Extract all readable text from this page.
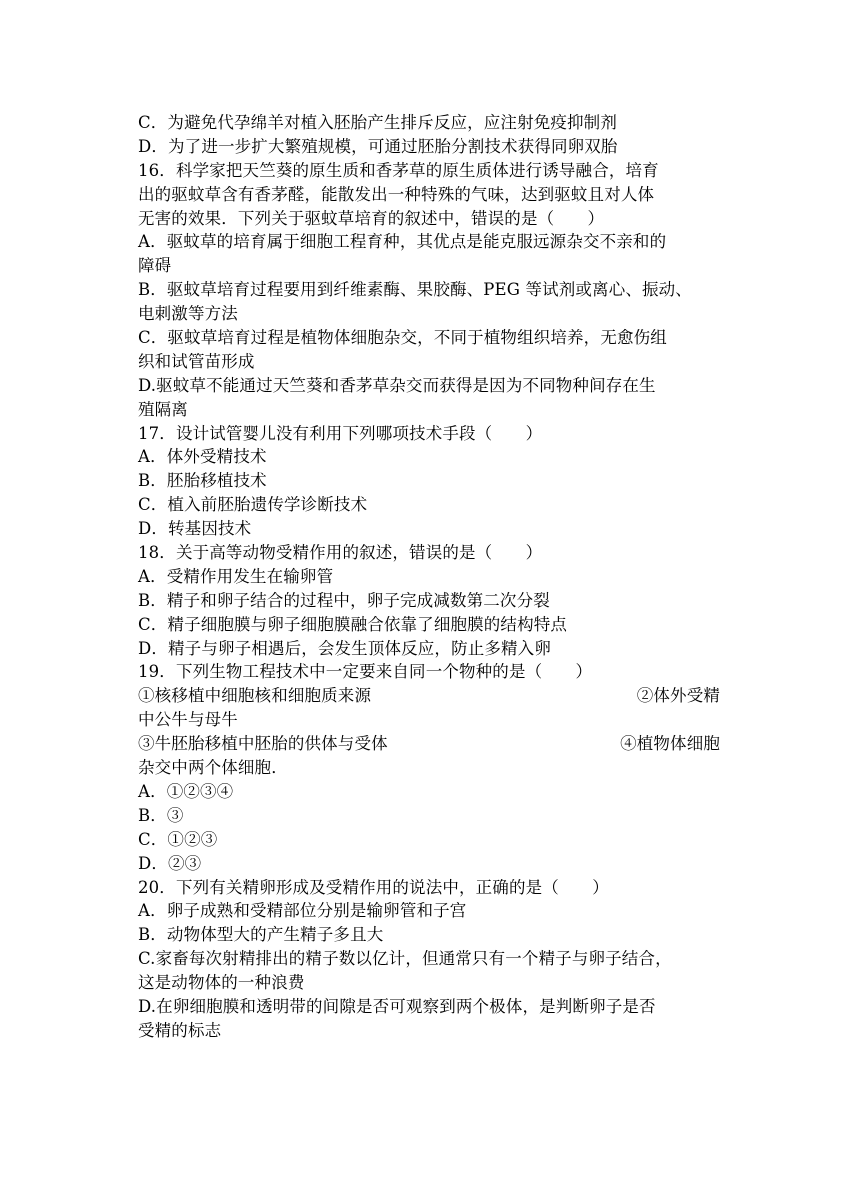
C．为避免代孕绵羊对植入胚胎产生排斥反应，应注射免疫抑制剂
D．为了进一步扩大繁殖规模，可通过胚胎分割技术获得同卵双胎
16．科学家把天竺葵的原生质和香茅草的原生质体进行诱导融合，培育
出的驱蚊草含有香茅醛，能散发出一种特殊的气味，达到驱蚊且对人体
无害的效果．下列关于驱蚊草培育的叙述中，错误的是（　　）
A．驱蚊草的培育属于细胞工程育种，其优点是能克服远源杂交不亲和的
障碍
B．驱蚊草培育过程要用到纤维素酶、果胶酶、PEG 等试剂或离心、振动、
电刺激等方法
C．驱蚊草培育过程是植物体细胞杂交，不同于植物组织培养，无愈伤组
织和试管苗形成
D.驱蚊草不能通过天竺葵和香茅草杂交而获得是因为不同物种间存在生
殖隔离
17．设计试管婴儿没有利用下列哪项技术手段（　　）
A．体外受精技术
B．胚胎移植技术
C．植入前胚胎遗传学诊断技术
D．转基因技术
18．关于高等动物受精作用的叙述，错误的是（　　）
A．受精作用发生在输卵管
B．精子和卵子结合的过程中，卵子完成减数第二次分裂
C．精子细胞膜与卵子细胞膜融合依靠了细胞膜的结构特点
D．精子与卵子相遇后，会发生顶体反应，防止多精入卵
19．下列生物工程技术中一定要来自同一个物种的是（　　）
①核移植中细胞核和细胞质来源	②体外受精
中公牛与母牛
③牛胚胎移植中胚胎的供体与受体	④植物体细胞
杂交中两个体细胞．
A．①②③④
B．③
C．①②③
D．②③
20．下列有关精卵形成及受精作用的说法中，正确的是（　　）
A．卵子成熟和受精部位分别是输卵管和子宫
B．动物体型大的产生精子多且大
C.家畜每次射精排出的精子数以亿计，但通常只有一个精子与卵子结合，
这是动物体的一种浪费
D.在卵细胞膜和透明带的间隙是否可观察到两个极体，是判断卵子是否
受精的标志
